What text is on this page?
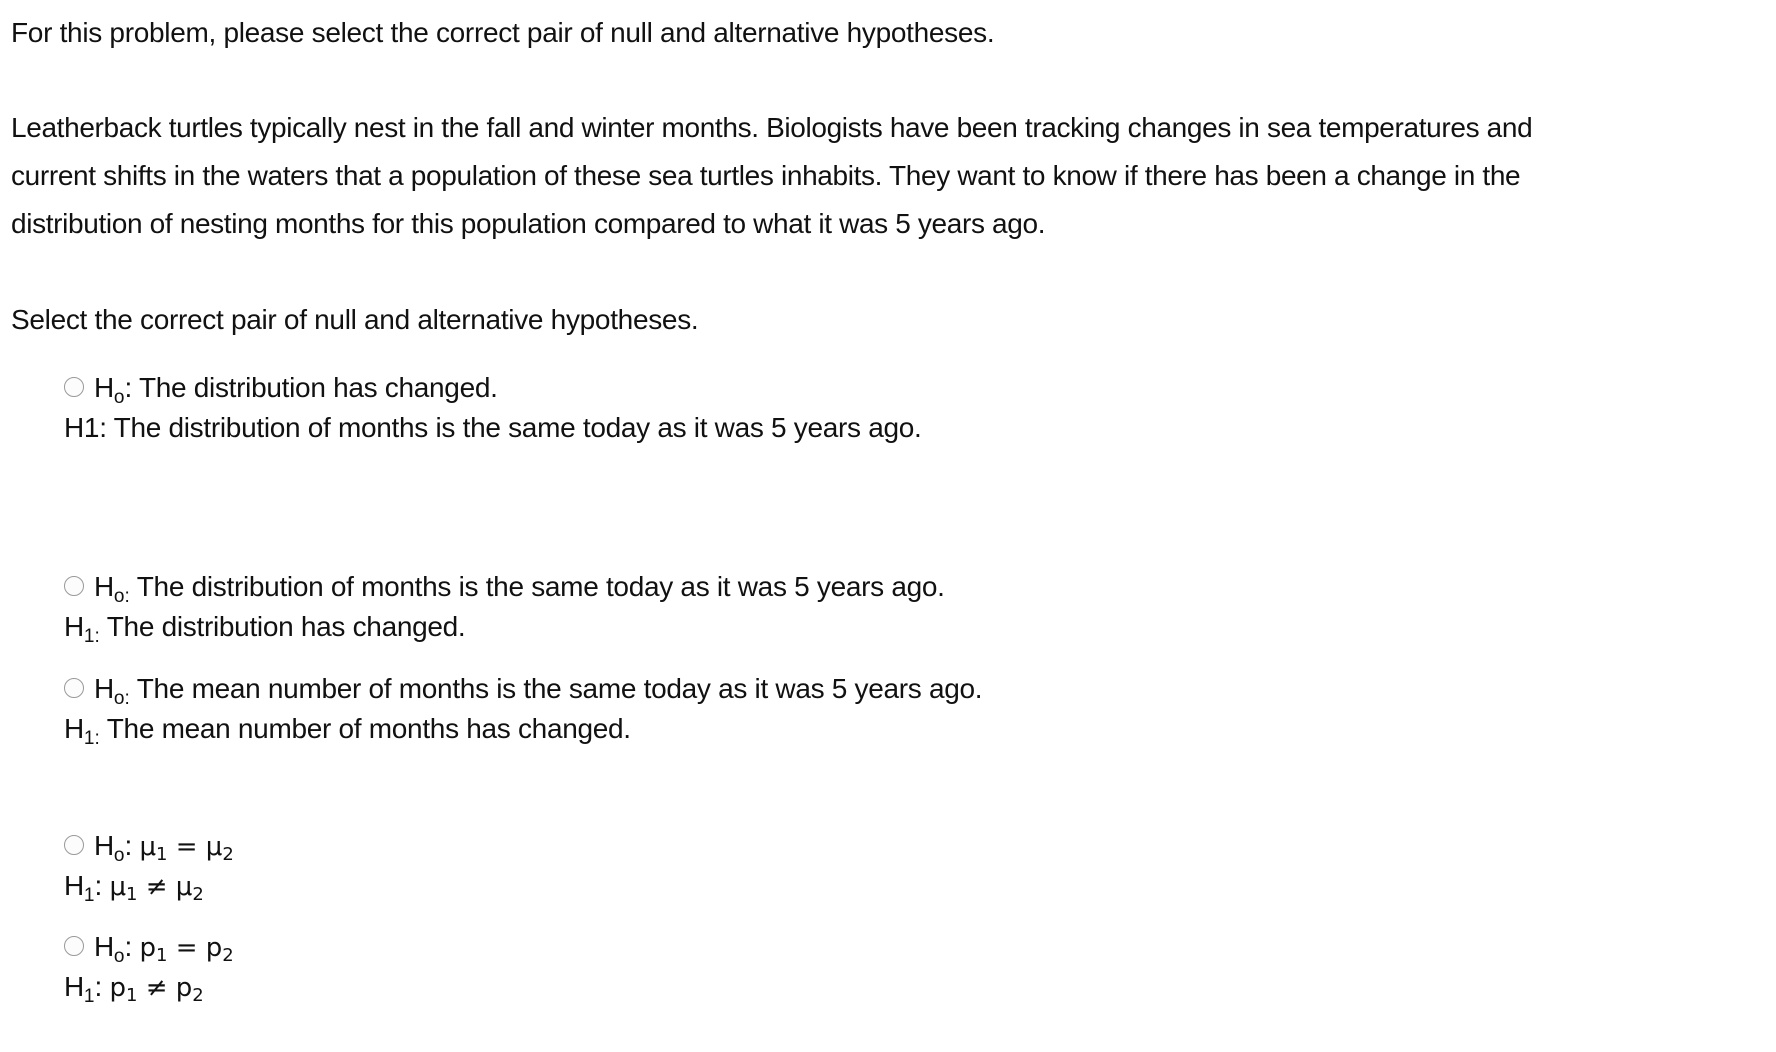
For this problem, please select the correct pair of null and alternative hypotheses.
Leatherback turtles typically nest in the fall and winter months. Biologists have been tracking changes in sea temperatures and
current shifts in the waters that a population of these sea turtles inhabits. They want to know if there has been a change in the
distribution of nesting months for this population compared to what it was 5 years ago.
Select the correct pair of null and alternative hypotheses.
$H_o$: The distribution has changed.
H1: The distribution of months is the same today as it was 5 years ago.
$H_{o:}$ The distribution of months is the same today as it was 5 years ago.
$H_{1:}$ The distribution has changed.
$H_{o:}$ The mean number of months is the same today as it was 5 years ago.
$H_{1:}$ The mean number of months has changed.
$H_o$: μ1 = μ2
$H_1$: μ1 ≠ μ2
$H_o$: p1 = p2
$H_1$: p1 ≠ p2
